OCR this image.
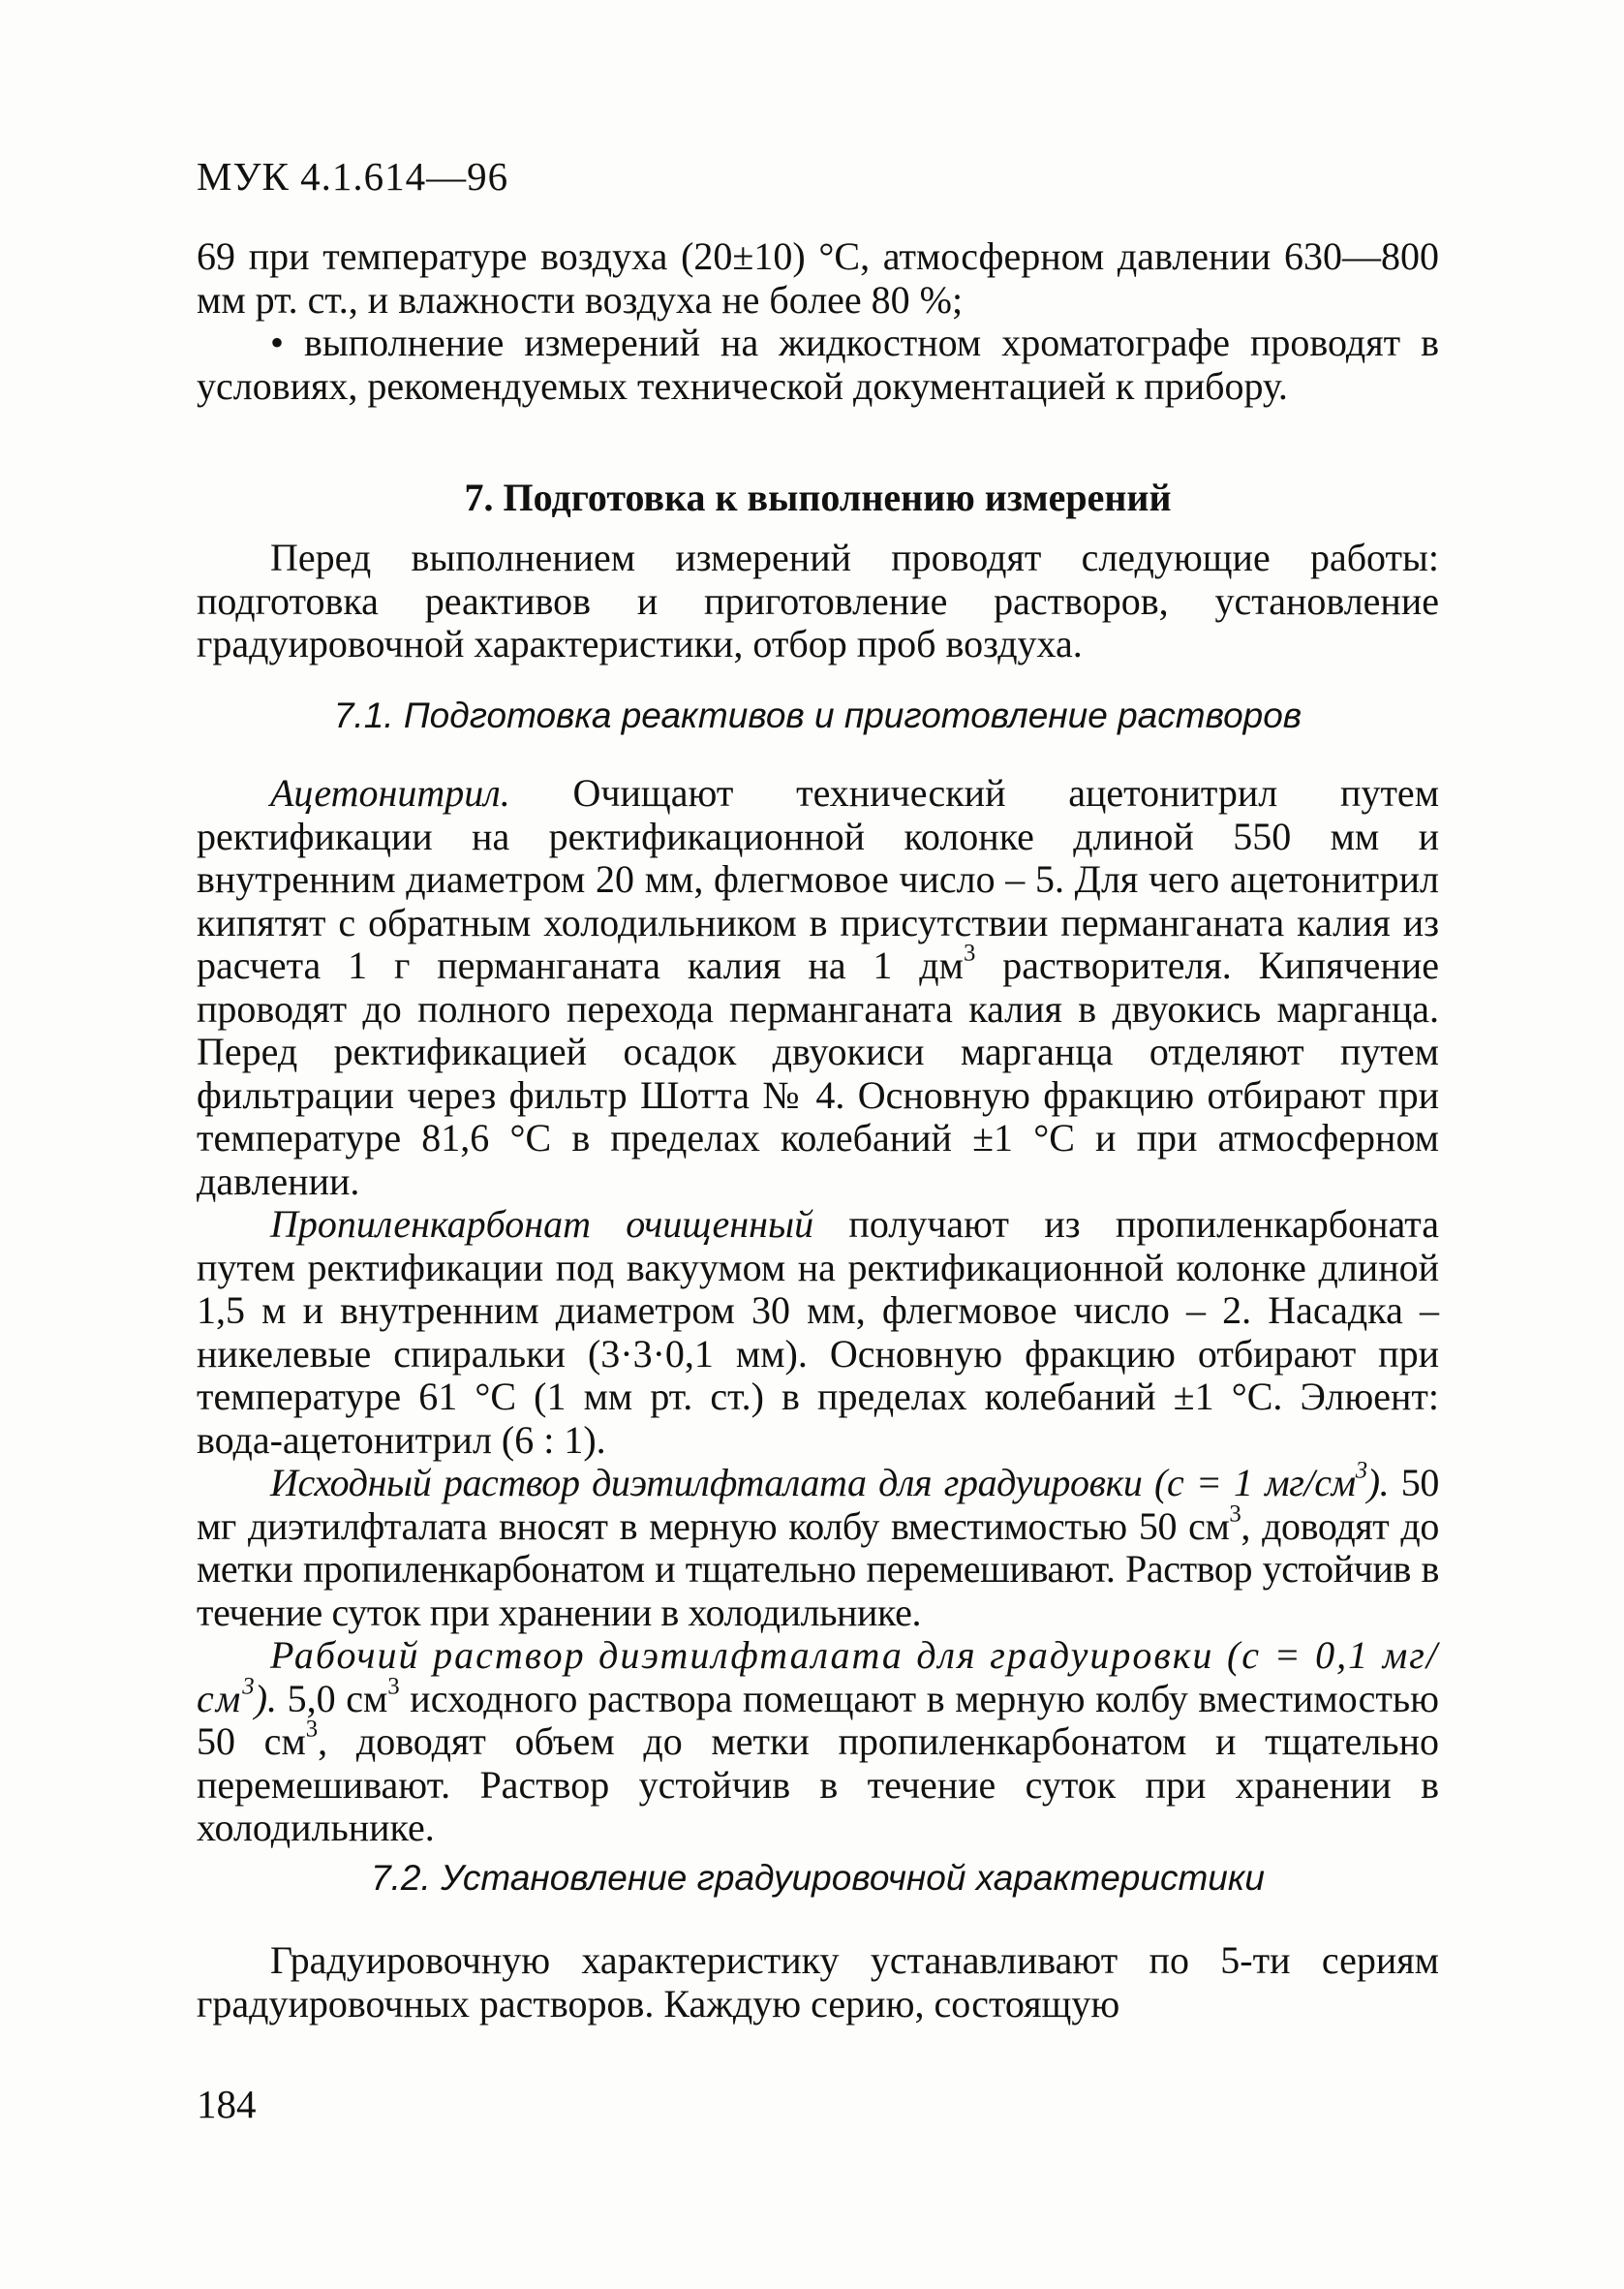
МУК 4.1.614—96

69 при температуре воздуха (20±10) °С, атмосферном давлении 630—800 мм рт. ст., и влажности воздуха не более 80 %;

• выполнение измерений на жидкостном хроматографе проводят в условиях, рекомендуемых технической документацией к прибору.

7. Подготовка к выполнению измерений

Перед выполнением измерений проводят следующие работы: подготовка реактивов и приготовление растворов, установление градуировочной характеристики, отбор проб воздуха.

7.1. Подготовка реактивов и приготовление растворов

Ацетонитрил. Очищают технический ацетонитрил путем ректификации на ректификационной колонке длиной 550 мм и внутренним диаметром 20 мм, флегмовое число – 5. Для чего ацетонитрил кипятят с обратным холодильником в присутствии перманганата калия из расчета 1 г перманганата калия на 1 $дм^3$ растворителя. Кипячение проводят до полного перехода перманганата калия в двуокись марганца. Перед ректификацией осадок двуокиси марганца отделяют путем фильтрации через фильтр Шотта № 4. Основную фракцию отбирают при температуре 81,6 °С в пределах колебаний ±1 °С и при атмосферном давлении.

Пропиленкарбонат очищенный получают из пропиленкарбоната путем ректификации под вакуумом на ректификационной колонке длиной 1,5 м и внутренним диаметром 30 мм, флегмовое число – 2. Насадка – никелевые спиральки (3·3·0,1 мм). Основную фракцию отбирают при температуре 61 °С (1 мм рт. ст.) в пределах колебаний ±1 °С. Элюент: вода-ацетонитрил (6 : 1).

Исходный раствор диэтилфталата для градуировки (с = 1 $мг/см^3$). 50 мг диэтилфталата вносят в мерную колбу вместимостью 50 $см^3$, доводят до метки пропиленкарбонатом и тщательно перемешивают. Раствор устойчив в течение суток при хранении в холодильнике.

Рабочий раствор диэтилфталата для градуировки (с = 0,1 $мг/см^3$). 5,0 $см^3$ исходного раствора помещают в мерную колбу вместимостью 50 $см^3$, доводят объем до метки пропиленкарбонатом и тщательно перемешивают. Раствор устойчив в течение суток при хранении в холодильнике.

7.2. Установление градуировочной характеристики

Градуировочную характеристику устанавливают по 5-ти сериям градуировочных растворов. Каждую серию, состоящую

184
